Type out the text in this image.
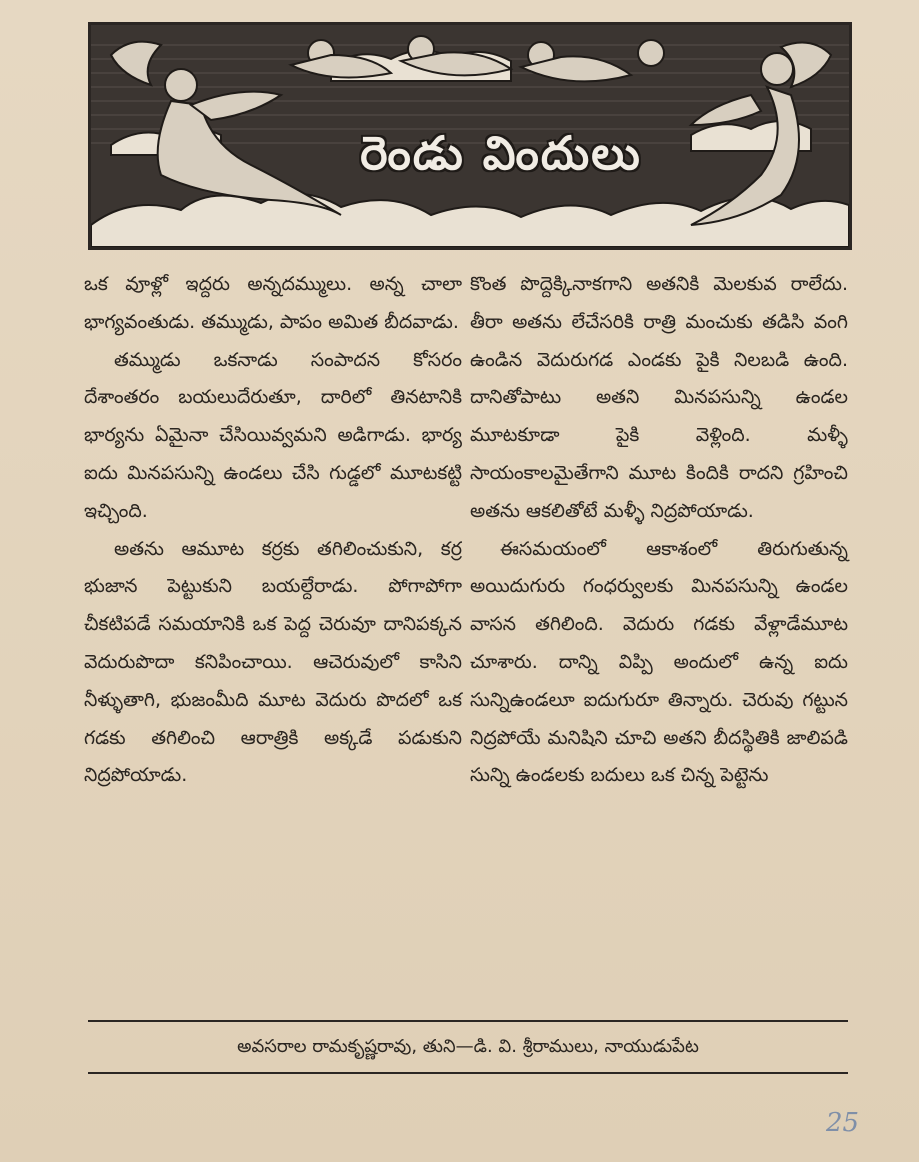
రెండు విందులు

ఒక వూళ్లో ఇద్దరు అన్నదమ్ములు. అన్న చాలా భాగ్యవంతుడు. తమ్ముడు, పాపం అమిత బీదవాడు.

తమ్ముడు ఒకనాడు సంపాదన కోసరం దేశాంతరం బయలుదేరుతూ, దారిలో తినటానికి భార్యను ఏమైనా చేసియివ్వమని అడిగాడు. భార్య ఐదు మినపసున్ని ఉండలు చేసి గుడ్డలో మూటకట్టి ఇచ్చింది.

అతను ఆమూట కర్రకు తగిలించుకుని, కర్ర భుజాన పెట్టుకుని బయల్దేరాడు. పోగాపోగా చీకటిపడే సమయానికి ఒక పెద్ద చెరువూ దానిపక్కన వెదురుపొదా కనిపించాయి. ఆచెరువులో కాసిని నీళ్ళుతాగి, భుజంమీది మూట వెదురు పొదలో ఒక గడకు తగిలించి ఆరాత్రికి అక్కడే పడుకుని నిద్రపోయాడు.

కొంత పొద్దెక్కినాకగాని అతనికి మెలకువ రాలేదు. తీరా అతను లేచేసరికి రాత్రి మంచుకు తడిసి వంగి ఉండిన వెదురుగడ ఎండకు పైకి నిలబడి ఉంది. దానితోపాటు అతని మినపసున్ని ఉండల మూటకూడా పైకి వెళ్లింది. మళ్ళీ సాయంకాలమైతేగాని మూట కిందికి రాదని గ్రహించి అతను ఆకలితోటే మళ్ళీ నిద్రపోయాడు.

ఈసమయంలో ఆకాశంలో తిరుగుతున్న అయిదుగురు గంధర్వులకు మినపసున్ని ఉండల వాసన తగిలింది. వెదురు గడకు వేళ్లాడేమూట చూశారు. దాన్ని విప్పి అందులో ఉన్న ఐదు సున్నిఉండలూ ఐదుగురూ తిన్నారు. చెరువు గట్టున నిద్రపోయే మనిషిని చూచి అతని బీదస్థితికి జాలిపడి సున్ని ఉండలకు బదులు ఒక చిన్న పెట్టెను

అవసరాల రామకృష్ణరావు, తుని—డి. వి. శ్రీరాములు, నాయుడుపేట
25
